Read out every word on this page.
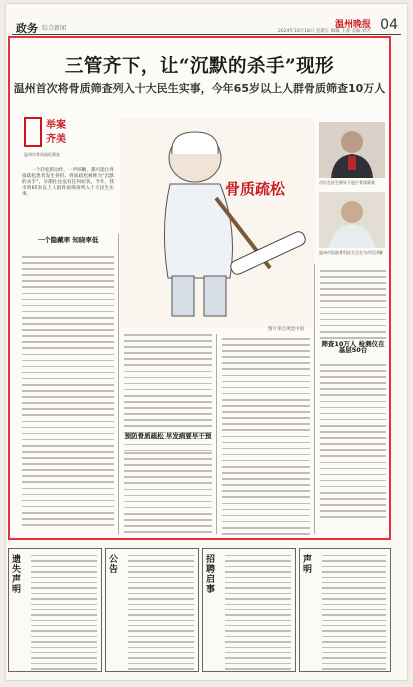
政务 综合新闻	温州晚报
2024年10月18日 星期五 编辑 王睿 美编 刘芳 04
三管齐下，让“沉默的杀手”现形
温州首次将骨质筛查列入十大民生实事，今年65岁以上人群骨质筛查10万人
举案
齐美
温州市骨质疏松筛查

一个轻松的动作，一声咳嗽，都可能让骨质疏松患者发生骨折。骨质疏松被称为“沉默的杀手”，早期往往没有任何症状。今年，我市将65岁以上人群骨质筛查列入十大民生实事。	骨质疏松
图片来自视觉中国
市民在医生指导下进行骨质筛查
温州市医院骨科医生正在为市民讲解
一个隐藏率 知晓率低
预防骨质疏松 早发病要早干预
筛查10万人 检测仪在基层50台
遗失声明
公告
招聘启事
声明
